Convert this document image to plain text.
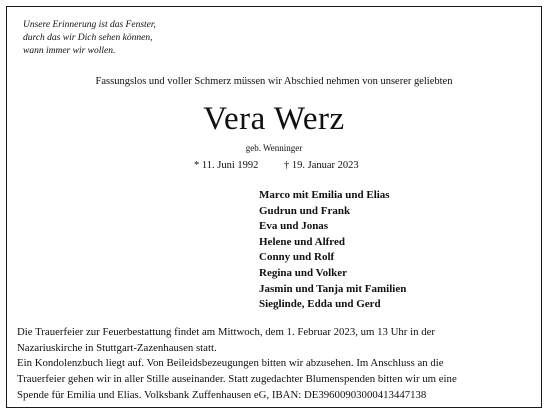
Unsere Erinnerung ist das Fenster,
durch das wir Dich sehen können,
wann immer wir wollen.
Fassungslos und voller Schmerz müssen wir Abschied nehmen von unserer geliebten
Vera Werz
geb. Wenninger
* 11. Juni 1992 † 19. Januar 2023
Marco mit Emilia und Elias
Gudrun und Frank
Eva und Jonas
Helene und Alfred
Conny und Rolf
Regina und Volker
Jasmin und Tanja mit Familien
Sieglinde, Edda und Gerd
Die Trauerfeier zur Feuerbestattung findet am Mittwoch, dem 1. Februar 2023, um 13 Uhr in der
Nazariuskirche in Stuttgart-Zazenhausen statt.
Ein Kondolenzbuch liegt auf. Von Beileidsbezeugungen bitten wir abzusehen. Im Anschluss an die
Trauerfeier gehen wir in aller Stille auseinander. Statt zugedachter Blumenspenden bitten wir um eine
Spende für Emilia und Elias. Volksbank Zuffenhausen eG, IBAN: DE39600903000413447138
